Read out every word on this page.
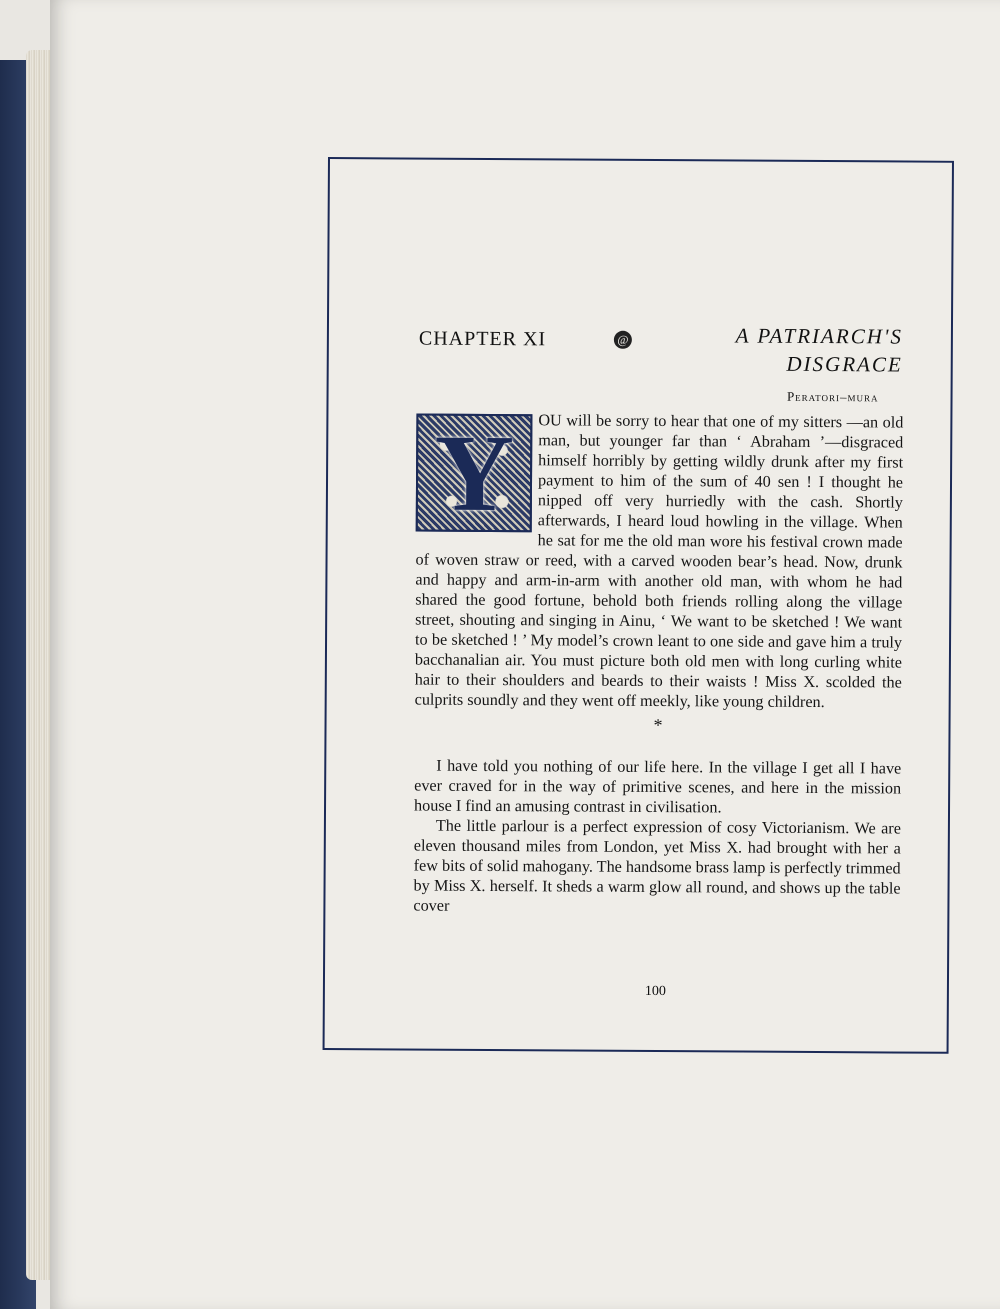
CHAPTER XI	@	A PATRIARCH'S
DISGRACE
Peratori–mura
Y	OU will be sorry to hear that one of my sitters —an old man, but younger far than ‘ Abraham ’—disgraced himself horribly by getting wildly drunk after my first payment to him of the sum of 40 sen ! I thought he nipped off very hurriedly with the cash. Shortly afterwards, I heard loud howling in the village. When he sat for me the old man wore his festival crown made of woven straw or reed, with a carved wooden bear’s head. Now, drunk and happy and arm-in-arm with another old man, with whom he had shared the good fortune, behold both friends rolling along the village street, shouting and singing in Ainu, ‘ We want to be sketched ! We want to be sketched ! ’ My model’s crown leant to one side and gave him a truly bacchanalian air. You must picture both old men with long curling white hair to their shoulders and beards to their waists ! Miss X. scolded the culprits soundly and they went off meekly, like young children.

*

I have told you nothing of our life here. In the village I get all I have ever craved for in the way of primitive scenes, and here in the mission house I find an amusing contrast in civilisation.

The little parlour is a perfect expression of cosy Victorianism. We are eleven thousand miles from London, yet Miss X. had brought with her a few bits of solid mahogany. The handsome brass lamp is perfectly trimmed by Miss X. herself. It sheds a warm glow all round, and shows up the table cover

100
